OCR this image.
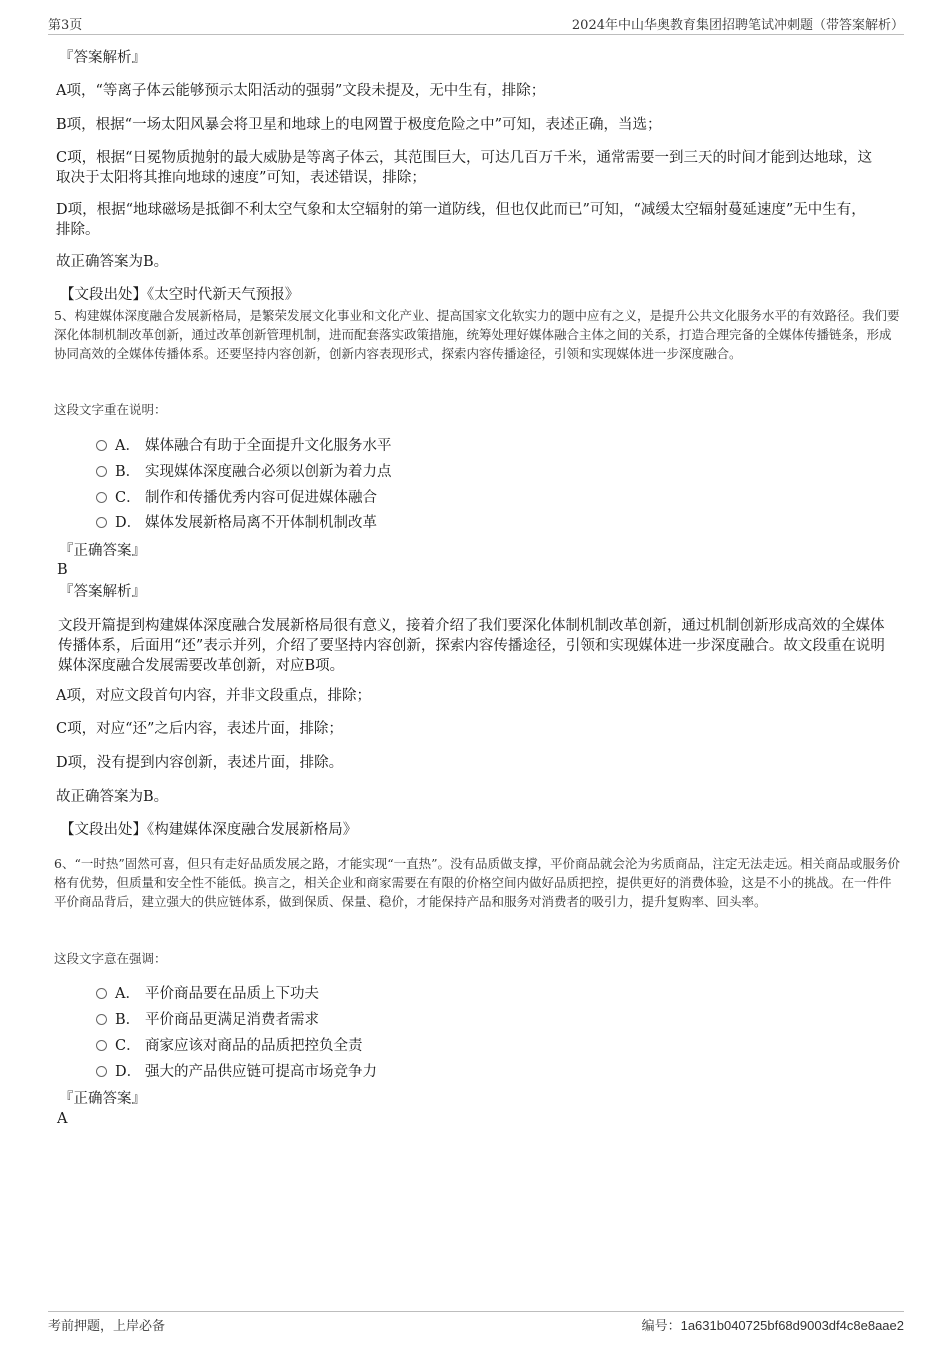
第3页	2024年中山华奥教育集团招聘笔试冲刺题（带答案解析）
『答案解析』
A项，“等离子体云能够预示太阳活动的强弱”文段未提及，无中生有，排除；
B项，根据“一场太阳风暴会将卫星和地球上的电网置于极度危险之中”可知，表述正确，当选；
C项，根据“日冕物质抛射的最大威胁是等离子体云，其范围巨大，可达几百万千米，通常需要一到三天的时间才能到达地球，这取决于太阳将其推向地球的速度”可知，表述错误，排除；
D项，根据“地球磁场是抵御不利太空气象和太空辐射的第一道防线，但也仅此而已”可知，“减缓太空辐射蔓延速度”无中生有，排除。
故正确答案为B。
【文段出处】《太空时代新天气预报》
5、构建媒体深度融合发展新格局，是繁荣发展文化事业和文化产业、提高国家文化软实力的题中应有之义，是提升公共文化服务水平的有效路径。我们要深化体制机制改革创新，通过改革创新管理机制，进而配套落实政策措施，统筹处理好媒体融合主体之间的关系，打造合理完备的全媒体传播链条，形成协同高效的全媒体传播体系。还要坚持内容创新，创新内容表现形式，探索内容传播途径，引领和实现媒体进一步深度融合。
这段文字重在说明：
A． 媒体融合有助于全面提升文化服务水平
B． 实现媒体深度融合必须以创新为着力点
C． 制作和传播优秀内容可促进媒体融合
D． 媒体发展新格局离不开体制机制改革
『正确答案』
B
『答案解析』
文段开篇提到构建媒体深度融合发展新格局很有意义，接着介绍了我们要深化体制机制改革创新，通过机制创新形成高效的全媒体传播体系，后面用“还”表示并列，介绍了要坚持内容创新，探索内容传播途径，引领和实现媒体进一步深度融合。故文段重在说明媒体深度融合发展需要改革创新，对应B项。
A项，对应文段首句内容，并非文段重点，排除；
C项，对应“还”之后内容，表述片面，排除；
D项，没有提到内容创新，表述片面，排除。
故正确答案为B。
【文段出处】《构建媒体深度融合发展新格局》
6、“一时热”固然可喜，但只有走好品质发展之路，才能实现“一直热”。没有品质做支撑，平价商品就会沦为劣质商品，注定无法走远。相关商品或服务价格有优势，但质量和安全性不能低。换言之，相关企业和商家需要在有限的价格空间内做好品质把控，提供更好的消费体验，这是不小的挑战。在一件件平价商品背后，建立强大的供应链体系，做到保质、保量、稳价，才能保持产品和服务对消费者的吸引力，提升复购率、回头率。
这段文字意在强调：
A． 平价商品要在品质上下功夫
B． 平价商品更满足消费者需求
C． 商家应该对商品的品质把控负全责
D． 强大的产品供应链可提高市场竞争力
『正确答案』
A
考前押题，上岸必备	编号：1a631b040725bf68d9003df4c8e8aae2
